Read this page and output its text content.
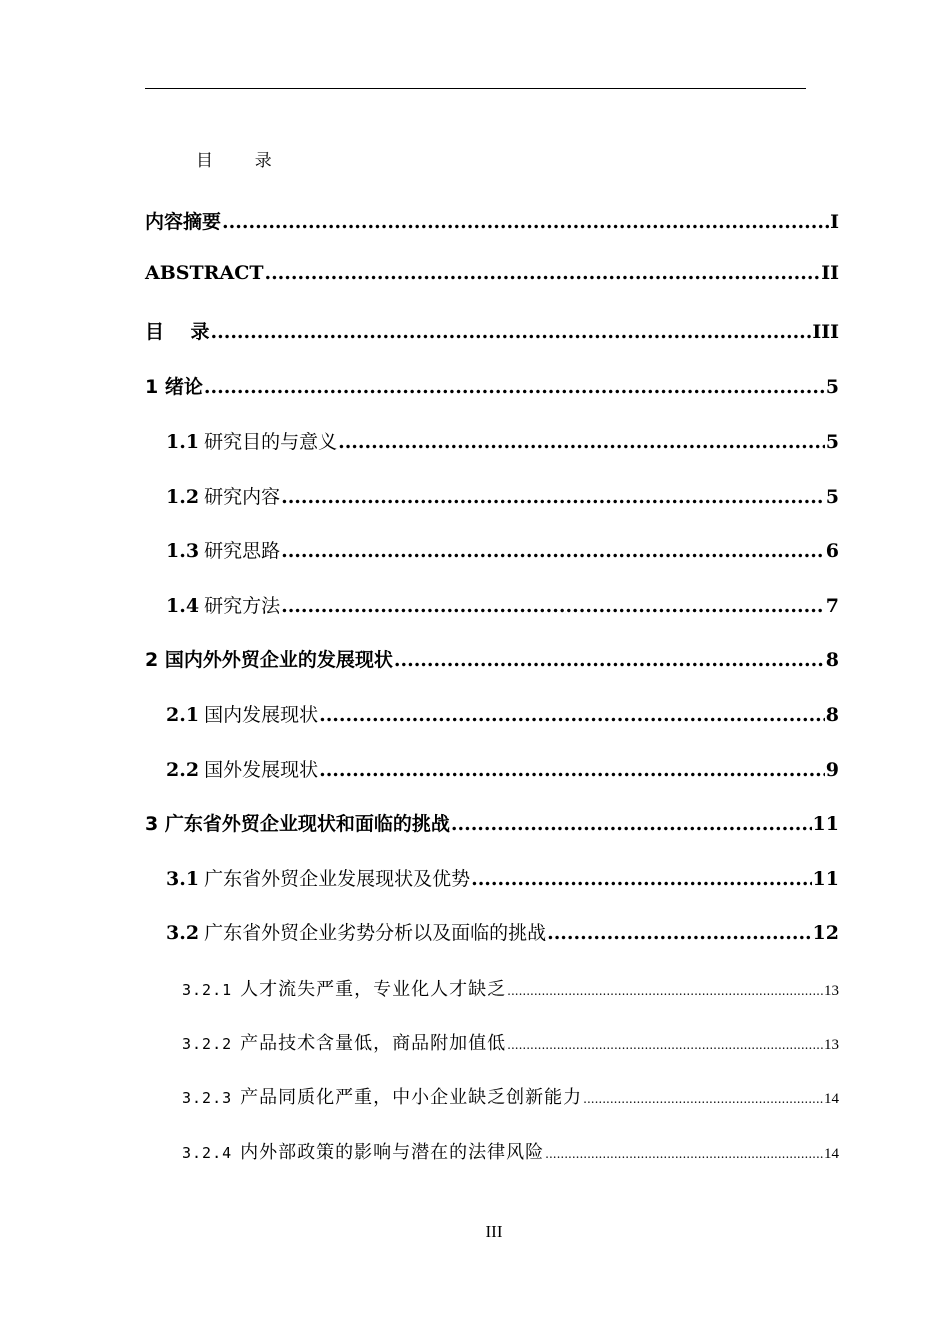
目  录
内容摘要 .....	I
ABSTRACT .....	II
目    录 .....	III
1 绪论 .....	5
1.1 研究目的与意义 .....	5
1.2 研究内容 .....	5
1.3 研究思路 .....	6
1.4 研究方法 .....	7
2 国内外外贸企业的发展现状 .....	8
2.1 国内发展现状 .....	8
2.2 国外发展现状 .....	9
3 广东省外贸企业现状和面临的挑战 .....	11
3.1 广东省外贸企业发展现状及优势 .....	11
3.2 广东省外贸企业劣势分析以及面临的挑战 .....	12
3.2.1 人才流失严重，专业化人才缺乏 .....	13
3.2.2 产品技术含量低，商品附加值低 .....	13
3.2.3 产品同质化严重，中小企业缺乏创新能力 .....	14
3.2.4 内外部政策的影响与潜在的法律风险 .....	14
III
